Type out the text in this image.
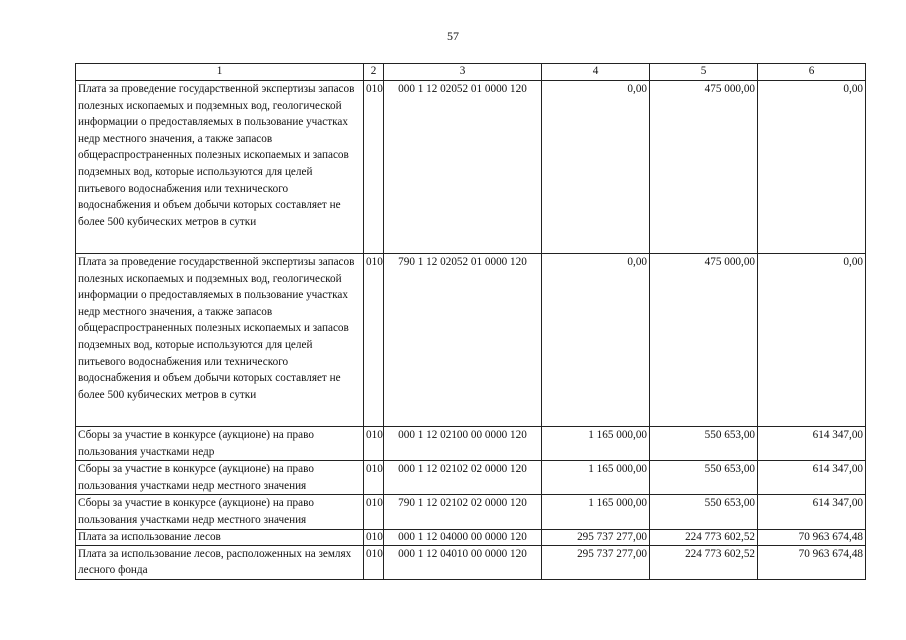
57
1	2	3	4	5	6
Плата за проведение государственной экспертизы запасов полезных ископаемых и подземных вод, геологической информации о предоставляемых в пользование участках недр местного значения, а также запасов общераспространенных полезных ископаемых и запасов подземных вод, которые используются для целей питьевого водоснабжения или технического водоснабжения и объем добычи которых составляет не более 500 кубических метров в сутки	010	000 1 12 02052 01 0000 120	0,00	475 000,00	0,00
Плата за проведение государственной экспертизы запасов полезных ископаемых и подземных вод, геологической информации о предоставляемых в пользование участках недр местного значения, а также запасов общераспространенных полезных ископаемых и запасов подземных вод, которые используются для целей питьевого водоснабжения или технического водоснабжения и объем добычи которых составляет не более 500 кубических метров в сутки	010	790 1 12 02052 01 0000 120	0,00	475 000,00	0,00
Сборы за участие в конкурсе (аукционе) на право пользования участками недр	010	000 1 12 02100 00 0000 120	1 165 000,00	550 653,00	614 347,00
Сборы за участие в конкурсе (аукционе) на право пользования участками недр местного значения	010	000 1 12 02102 02 0000 120	1 165 000,00	550 653,00	614 347,00
Сборы за участие в конкурсе (аукционе) на право пользования участками недр местного значения	010	790 1 12 02102 02 0000 120	1 165 000,00	550 653,00	614 347,00
Плата за использование лесов	010	000 1 12 04000 00 0000 120	295 737 277,00	224 773 602,52	70 963 674,48
Плата за использование лесов, расположенных на землях лесного фонда	010	000 1 12 04010 00 0000 120	295 737 277,00	224 773 602,52	70 963 674,48
